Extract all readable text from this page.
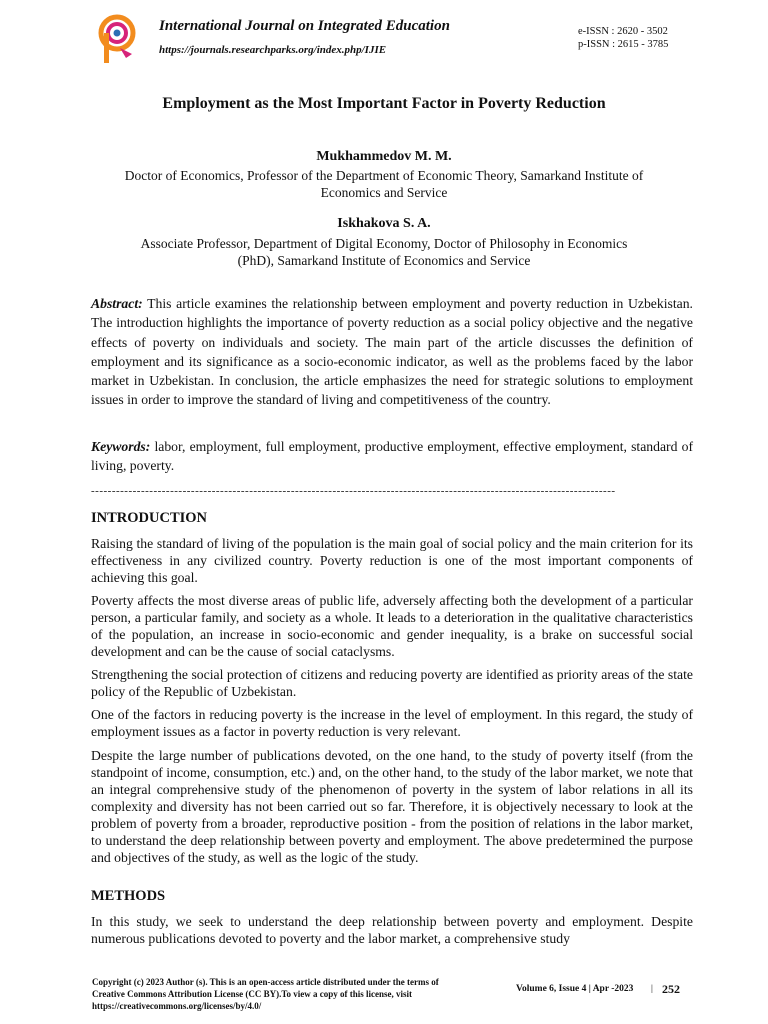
International Journal on Integrated Education
https://journals.researchparks.org/index.php/IJIE
e-ISSN : 2620 - 3502
p-ISSN : 2615 - 3785
Employment as the Most Important Factor in Poverty Reduction
Mukhammedov M. M.
Doctor of Economics, Professor of the Department of Economic Theory, Samarkand Institute of
Economics and Service
Iskhakova S. A.
Associate Professor, Department of Digital Economy, Doctor of Philosophy in Economics
(PhD), Samarkand Institute of Economics and Service
Abstract: This article examines the relationship between employment and poverty reduction in Uzbekistan. The introduction highlights the importance of poverty reduction as a social policy objective and the negative effects of poverty on individuals and society. The main part of the article discusses the definition of employment and its significance as a socio-economic indicator, as well as the problems faced by the labor market in Uzbekistan. In conclusion, the article emphasizes the need for strategic solutions to employment issues in order to improve the standard of living and competitiveness of the country.
Keywords: labor, employment, full employment, productive employment, effective employment, standard of living, poverty.
------------------------------------------------------------------------------------------------------------------------------
INTRODUCTION
Raising the standard of living of the population is the main goal of social policy and the main criterion for its effectiveness in any civilized country. Poverty reduction is one of the most important components of achieving this goal.
Poverty affects the most diverse areas of public life, adversely affecting both the development of a particular person, a particular family, and society as a whole. It leads to a deterioration in the qualitative characteristics of the population, an increase in socio-economic and gender inequality, is a brake on successful social development and can be the cause of social cataclysms.
Strengthening the social protection of citizens and reducing poverty are identified as priority areas of the state policy of the Republic of Uzbekistan.
One of the factors in reducing poverty is the increase in the level of employment. In this regard, the study of employment issues as a factor in poverty reduction is very relevant.
Despite the large number of publications devoted, on the one hand, to the study of poverty itself (from the standpoint of income, consumption, etc.) and, on the other hand, to the study of the labor market, we note that an integral comprehensive study of the phenomenon of poverty in the system of labor relations in all its complexity and diversity has not been carried out so far. Therefore, it is objectively necessary to look at the problem of poverty from a broader, reproductive position - from the position of relations in the labor market, to understand the deep relationship between poverty and employment. The above predetermined the purpose and objectives of the study, as well as the logic of the study.
METHODS
In this study, we seek to understand the deep relationship between poverty and employment. Despite numerous publications devoted to poverty and the labor market, a comprehensive study
Copyright (c) 2023 Author (s). This is an open-access article distributed under the terms of Creative Commons Attribution License (CC BY).To view a copy of this license, visit https://creativecommons.org/licenses/by/4.0/
Volume 6, Issue 4 | Apr -2023 | 252
